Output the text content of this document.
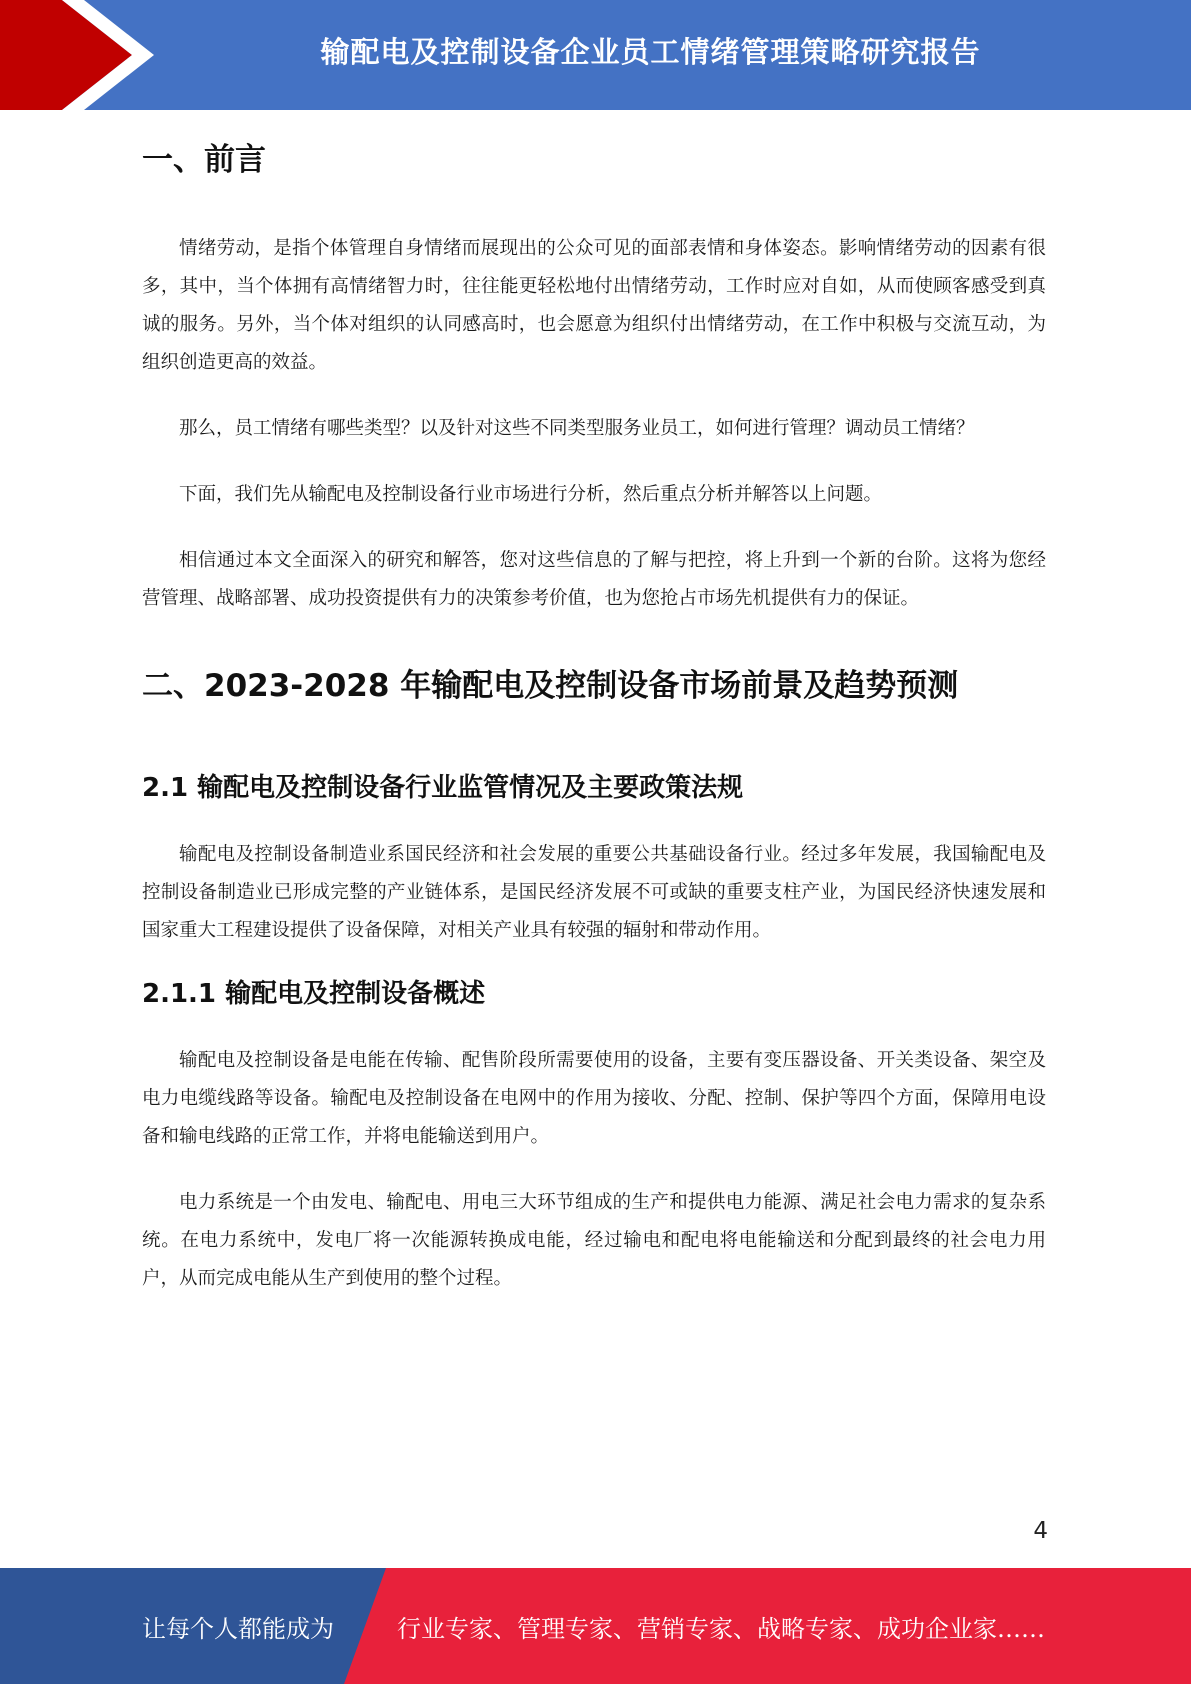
输配电及控制设备企业员工情绪管理策略研究报告
一、前言

情绪劳动，是指个体管理自身情绪而展现出的公众可见的面部表情和身体姿态。影响情绪劳动的因素有很多，其中，当个体拥有高情绪智力时，往往能更轻松地付出情绪劳动，工作时应对自如，从而使顾客感受到真诚的服务。另外，当个体对组织的认同感高时，也会愿意为组织付出情绪劳动，在工作中积极与交流互动，为组织创造更高的效益。

那么，员工情绪有哪些类型？以及针对这些不同类型服务业员工，如何进行管理？调动员工情绪？

下面，我们先从输配电及控制设备行业市场进行分析，然后重点分析并解答以上问题。

相信通过本文全面深入的研究和解答，您对这些信息的了解与把控，将上升到一个新的台阶。这将为您经营管理、战略部署、成功投资提供有力的决策参考价值，也为您抢占市场先机提供有力的保证。

二、2023-2028 年输配电及控制设备市场前景及趋势预测
2.1 输配电及控制设备行业监管情况及主要政策法规

输配电及控制设备制造业系国民经济和社会发展的重要公共基础设备行业。经过多年发展，我国输配电及控制设备制造业已形成完整的产业链体系，是国民经济发展不可或缺的重要支柱产业，为国民经济快速发展和国家重大工程建设提供了设备保障，对相关产业具有较强的辐射和带动作用。

2.1.1 输配电及控制设备概述

输配电及控制设备是电能在传输、配售阶段所需要使用的设备，主要有变压器设备、开关类设备、架空及电力电缆线路等设备。输配电及控制设备在电网中的作用为接收、分配、控制、保护等四个方面，保障用电设备和输电线路的正常工作，并将电能输送到用户。

电力系统是一个由发电、输配电、用电三大环节组成的生产和提供电力能源、满足社会电力需求的复杂系统。在电力系统中，发电厂将一次能源转换成电能，经过输电和配电将电能输送和分配到最终的社会电力用户，从而完成电能从生产到使用的整个过程。

4
让每个人都能成为	行业专家、管理专家、营销专家、战略专家、成功企业家……
